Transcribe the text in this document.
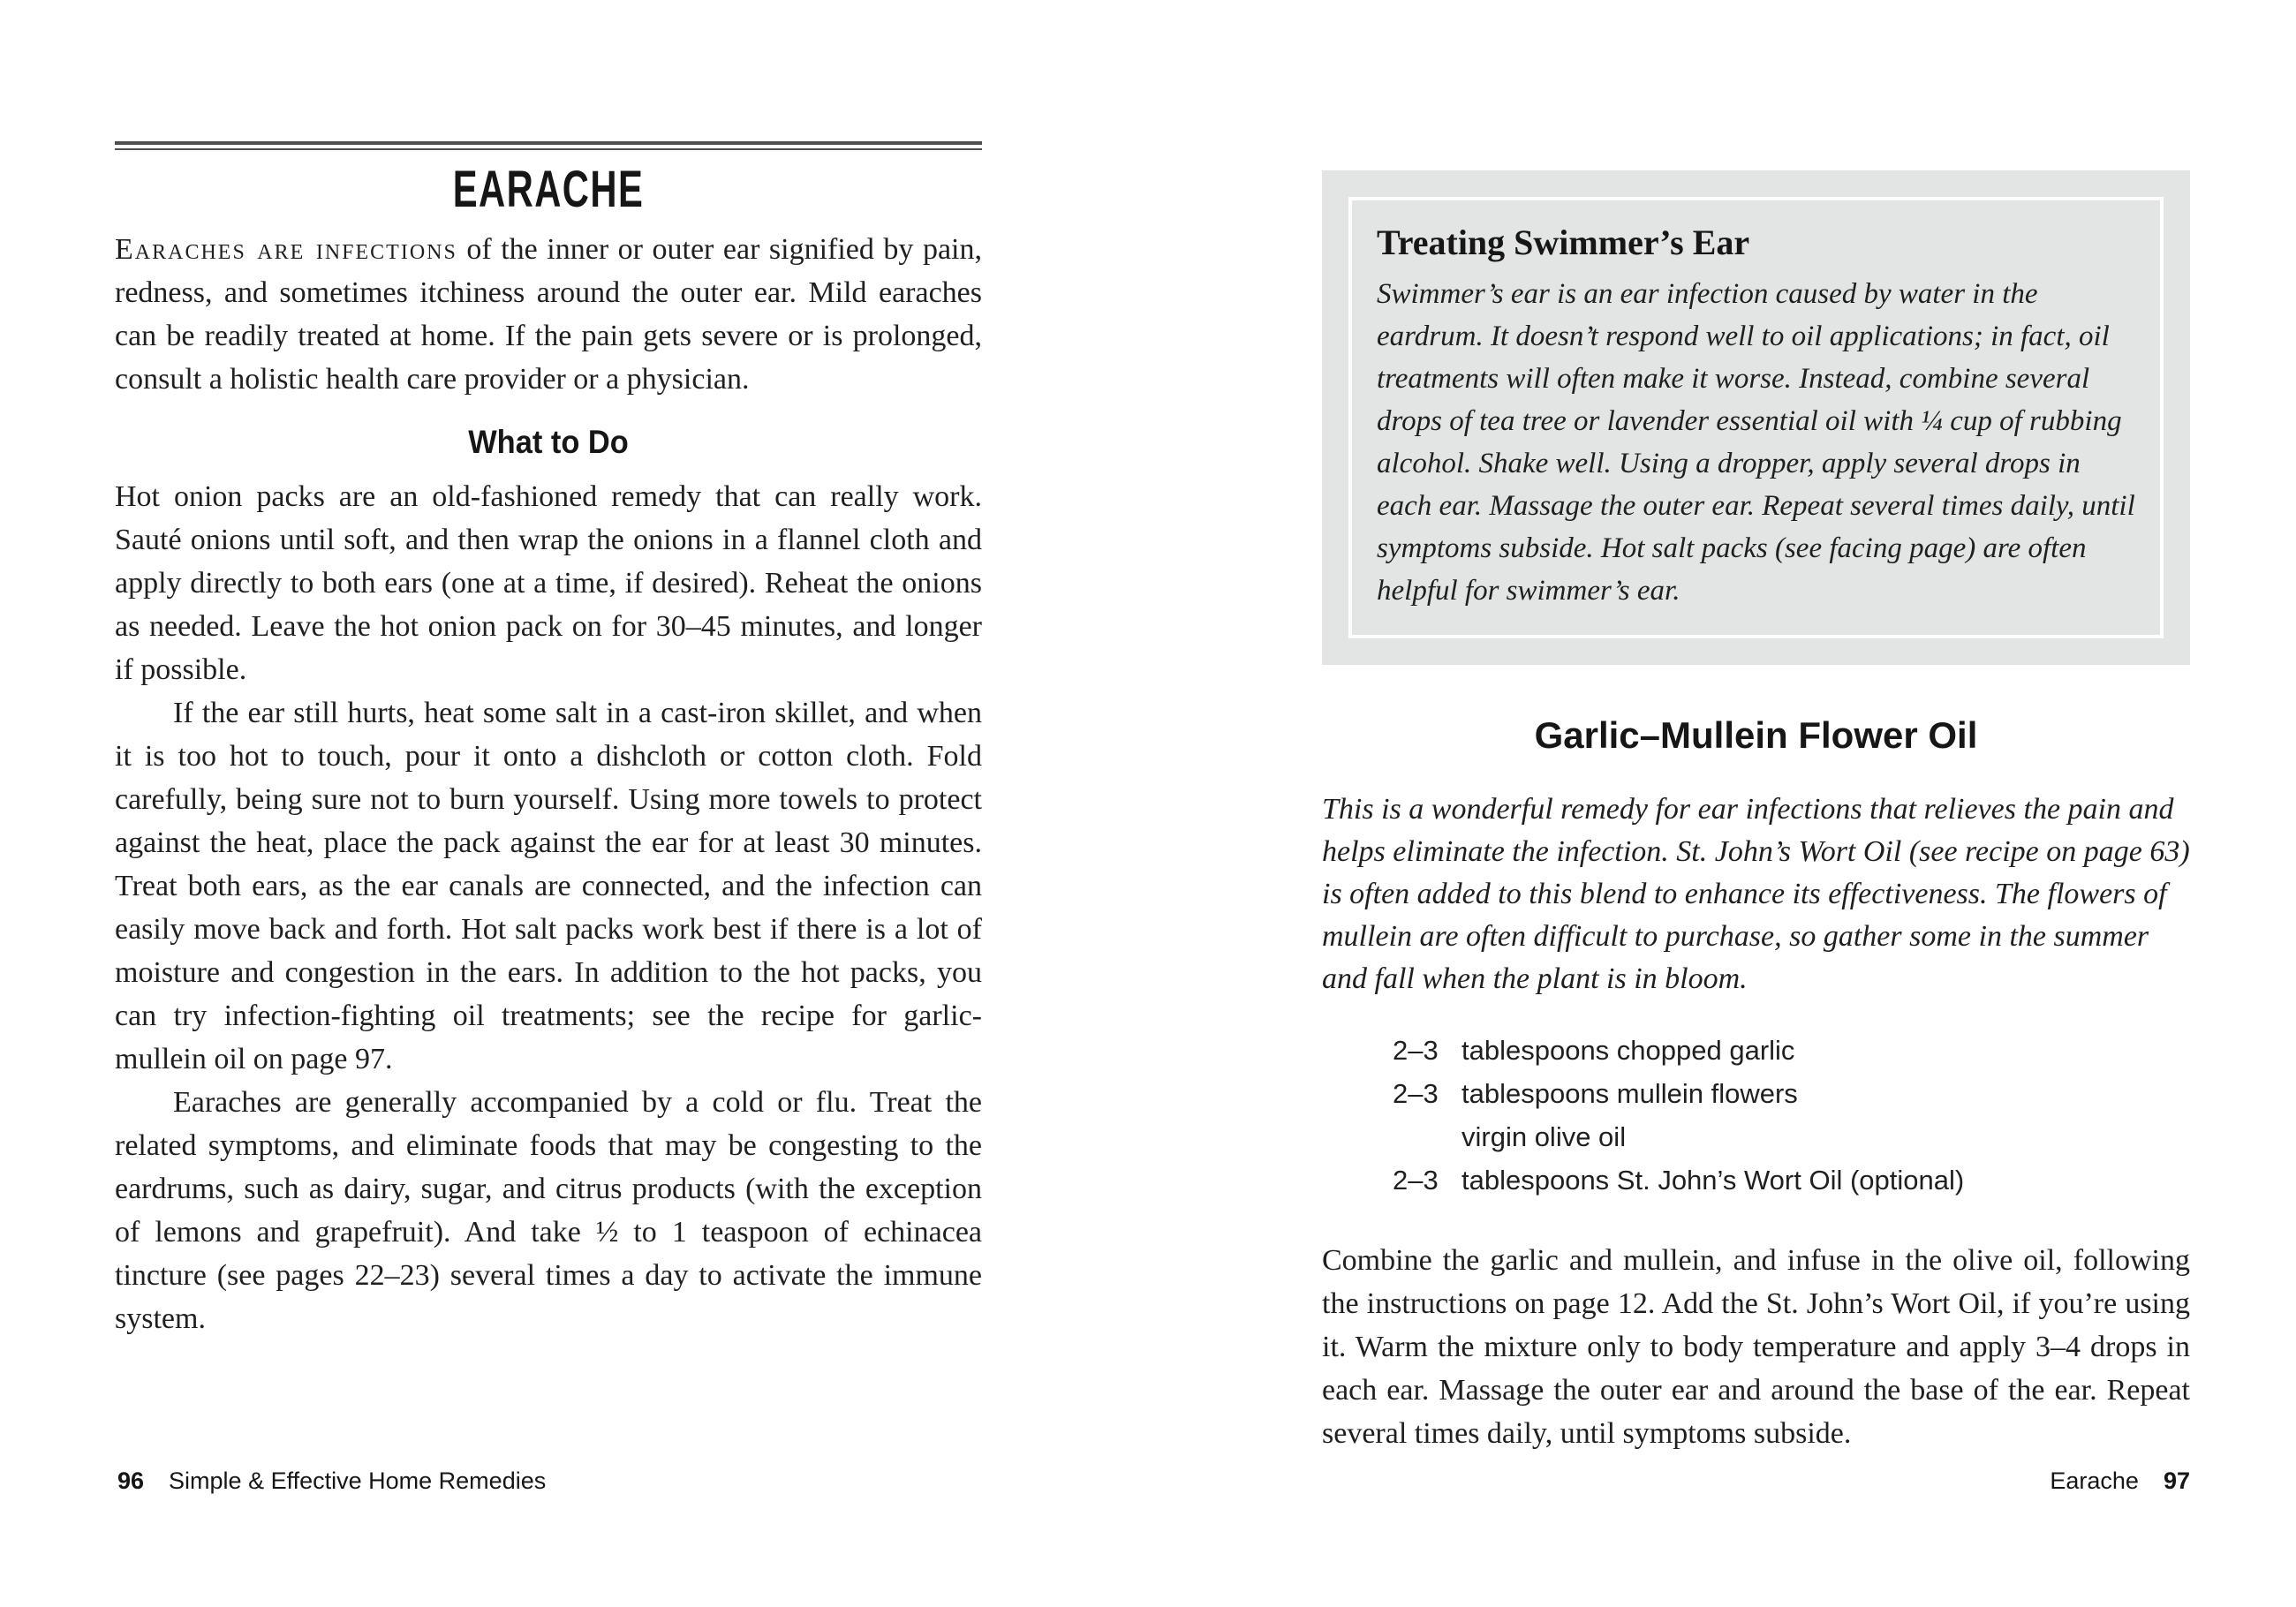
EARACHE

Earaches are infections of the inner or outer ear signified by pain, redness, and sometimes itchiness around the outer ear. Mild earaches can be readily treated at home. If the pain gets severe or is prolonged, consult a holistic health care provider or a physician.

What to Do

Hot onion packs are an old-fashioned remedy that can really work. Sauté onions until soft, and then wrap the onions in a flannel cloth and apply directly to both ears (one at a time, if desired). Reheat the onions as needed. Leave the hot onion pack on for 30–45 minutes, and longer if possible.

If the ear still hurts, heat some salt in a cast-iron skillet, and when it is too hot to touch, pour it onto a dishcloth or cotton cloth. Fold carefully, being sure not to burn yourself. Using more towels to protect against the heat, place the pack against the ear for at least 30 minutes. Treat both ears, as the ear canals are connected, and the infection can easily move back and forth. Hot salt packs work best if there is a lot of moisture and congestion in the ears. In addition to the hot packs, you can try infection-fighting oil treatments; see the recipe for garlic-mullein oil on page 97.

Earaches are generally accompanied by a cold or flu. Treat the related symptoms, and eliminate foods that may be congesting to the eardrums, such as dairy, sugar, and citrus products (with the exception of lemons and grapefruit). And take ½ to 1 teaspoon of echinacea tincture (see pages 22–23) several times a day to activate the immune system.

Treating Swimmer’s Ear

Swimmer’s ear is an ear infection caused by water in the eardrum. It doesn’t respond well to oil applications; in fact, oil treatments will often make it worse. Instead, combine several drops of tea tree or lavender essential oil with ¼ cup of rubbing alcohol. Shake well. Using a dropper, apply several drops in each ear. Massage the outer ear. Repeat several times daily, until symptoms subside. Hot salt packs (see facing page) are often helpful for swimmer’s ear.

Garlic–Mullein Flower Oil

This is a wonderful remedy for ear infections that relieves the pain and helps eliminate the infection. St. John’s Wort Oil (see recipe on page 63) is often added to this blend to enhance its effectiveness. The flowers of mullein are often difficult to purchase, so gather some in the summer and fall when the plant is in bloom.

2–3 tablespoons chopped garlic
2–3 tablespoons mullein flowers
virgin olive oil
2–3 tablespoons St. John’s Wort Oil (optional)

Combine the garlic and mullein, and infuse in the olive oil, following the instructions on page 12. Add the St. John’s Wort Oil, if you’re using it. Warm the mixture only to body temperature and apply 3–4 drops in each ear. Massage the outer ear and around the base of the ear. Repeat several times daily, until symptoms subside.

96 Simple & Effective Home Remedies	Earache 97
